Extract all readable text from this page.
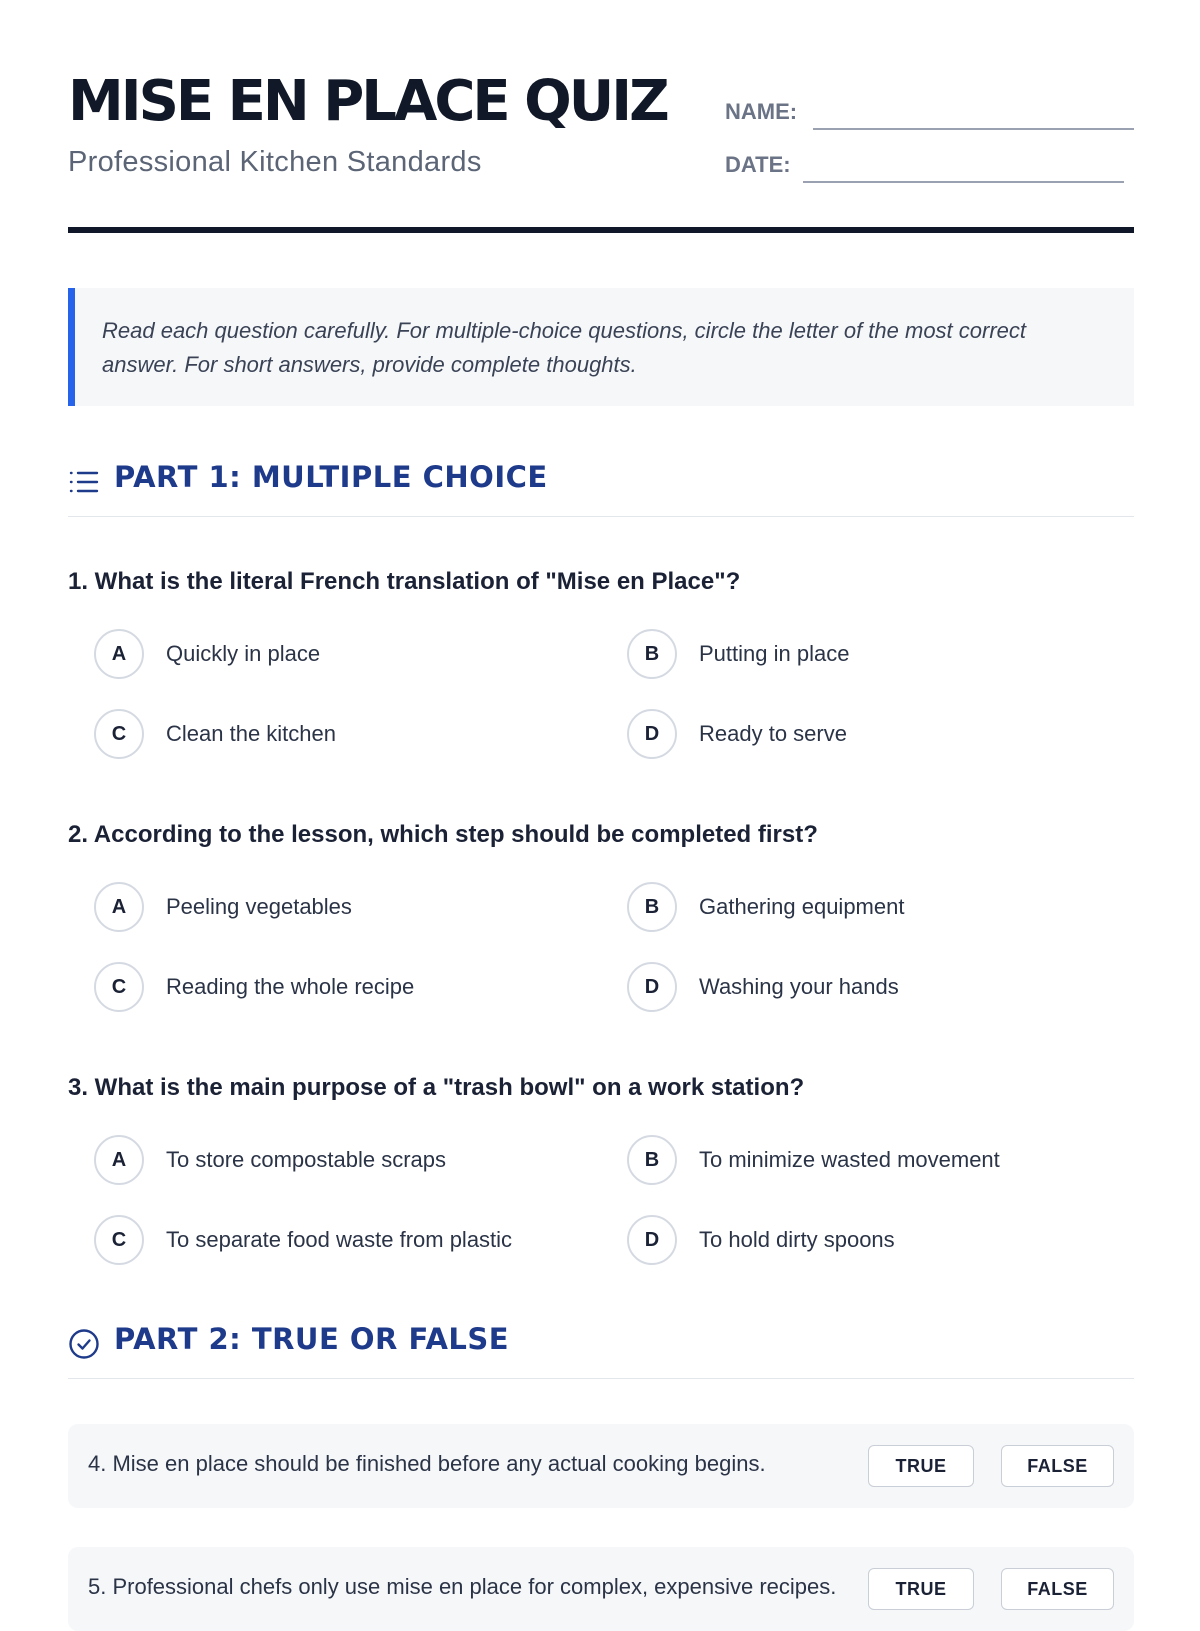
MISE EN PLACE QUIZ
Professional Kitchen Standards
NAME:
DATE:

Read each question carefully. For multiple-choice questions, circle the letter of the most correct answer. For short answers, provide complete thoughts.

PART 1: MULTIPLE CHOICE
1. What is the literal French translation of "Mise en Place"?
A	Quickly in place	B	Putting in place
C	Clean the kitchen	D	Ready to serve
2. According to the lesson, which step should be completed first?
A	Peeling vegetables	B	Gathering equipment
C	Reading the whole recipe	D	Washing your hands
3. What is the main purpose of a "trash bowl" on a work station?
A	To store compostable scraps	B	To minimize wasted movement
C	To separate food waste from plastic	D	To hold dirty spoons
PART 2: TRUE OR FALSE
4. Mise en place should be finished before any actual cooking begins.	TRUE	FALSE
5. Professional chefs only use mise en place for complex, expensive recipes.	TRUE	FALSE
